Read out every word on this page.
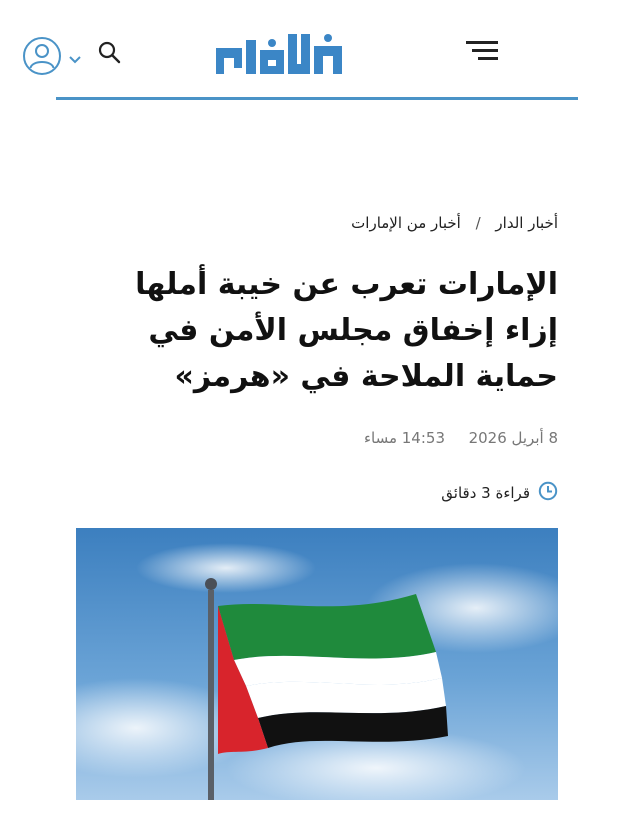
أخبار الدار / أخبار من الإمارات
الإمارات تعرب عن خيبة أملها إزاء إخفاق مجلس الأمن في حماية الملاحة في «هرمز»
8 أبريل 2026  14:53 مساء
قراءة 3 دقائق
